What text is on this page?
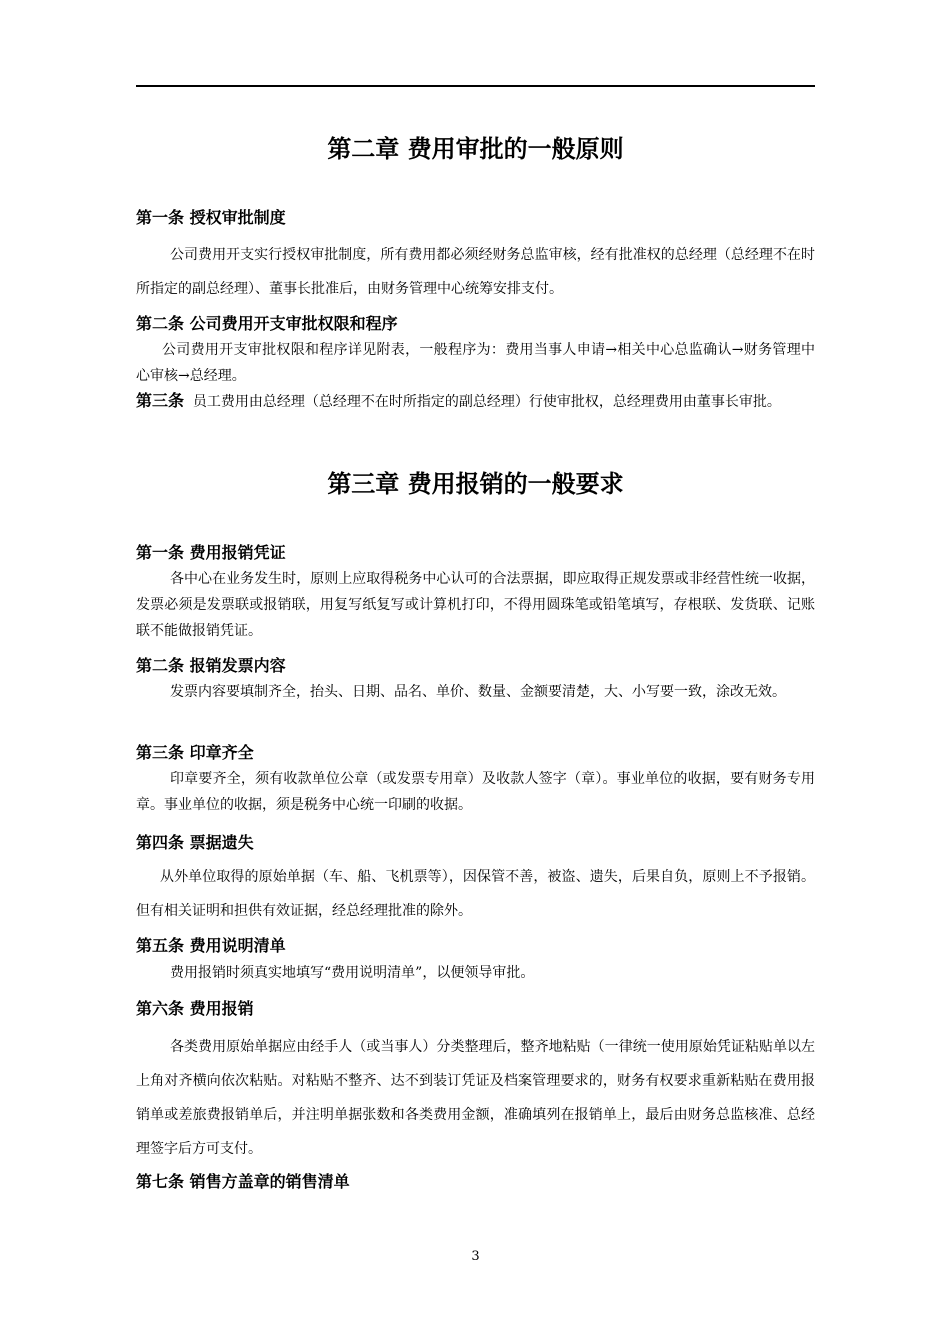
第二章 费用审批的一般原则
第一条 授权审批制度

公司费用开支实行授权审批制度，所有费用都必须经财务总监审核，经有批准权的总经理（总经理不在时所指定的副总经理）、董事长批准后，由财务管理中心统筹安排支付。

第二条 公司费用开支审批权限和程序

公司费用开支审批权限和程序详见附表，一般程序为：费用当事人申请→相关中心总监确认→财务管理中心审核→总经理。

第三条 员工费用由总经理（总经理不在时所指定的副总经理）行使审批权，总经理费用由董事长审批。

第三章 费用报销的一般要求
第一条 费用报销凭证

各中心在业务发生时，原则上应取得税务中心认可的合法票据，即应取得正规发票或非经营性统一收据，发票必须是发票联或报销联，用复写纸复写或计算机打印，不得用圆珠笔或铅笔填写，存根联、发货联、记账联不能做报销凭证。

第二条 报销发票内容

发票内容要填制齐全，抬头、日期、品名、单价、数量、金额要清楚，大、小写要一致，涂改无效。

第三条 印章齐全

印章要齐全，须有收款单位公章（或发票专用章）及收款人签字（章）。事业单位的收据，要有财务专用章。事业单位的收据，须是税务中心统一印刷的收据。

第四条 票据遗失

从外单位取得的原始单据（车、船、飞机票等），因保管不善，被盗、遗失，后果自负，原则上不予报销。但有相关证明和担供有效证据，经总经理批准的除外。

第五条 费用说明清单

费用报销时须真实地填写“费用说明清单”，以便领导审批。

第六条 费用报销

各类费用原始单据应由经手人（或当事人）分类整理后，整齐地粘贴（一律统一使用原始凭证粘贴单以左上角对齐横向依次粘贴。对粘贴不整齐、达不到装订凭证及档案管理要求的，财务有权要求重新粘贴在费用报销单或差旅费报销单后，并注明单据张数和各类费用金额，准确填列在报销单上，最后由财务总监核准、总经理签字后方可支付。

第七条 销售方盖章的销售清单

3
